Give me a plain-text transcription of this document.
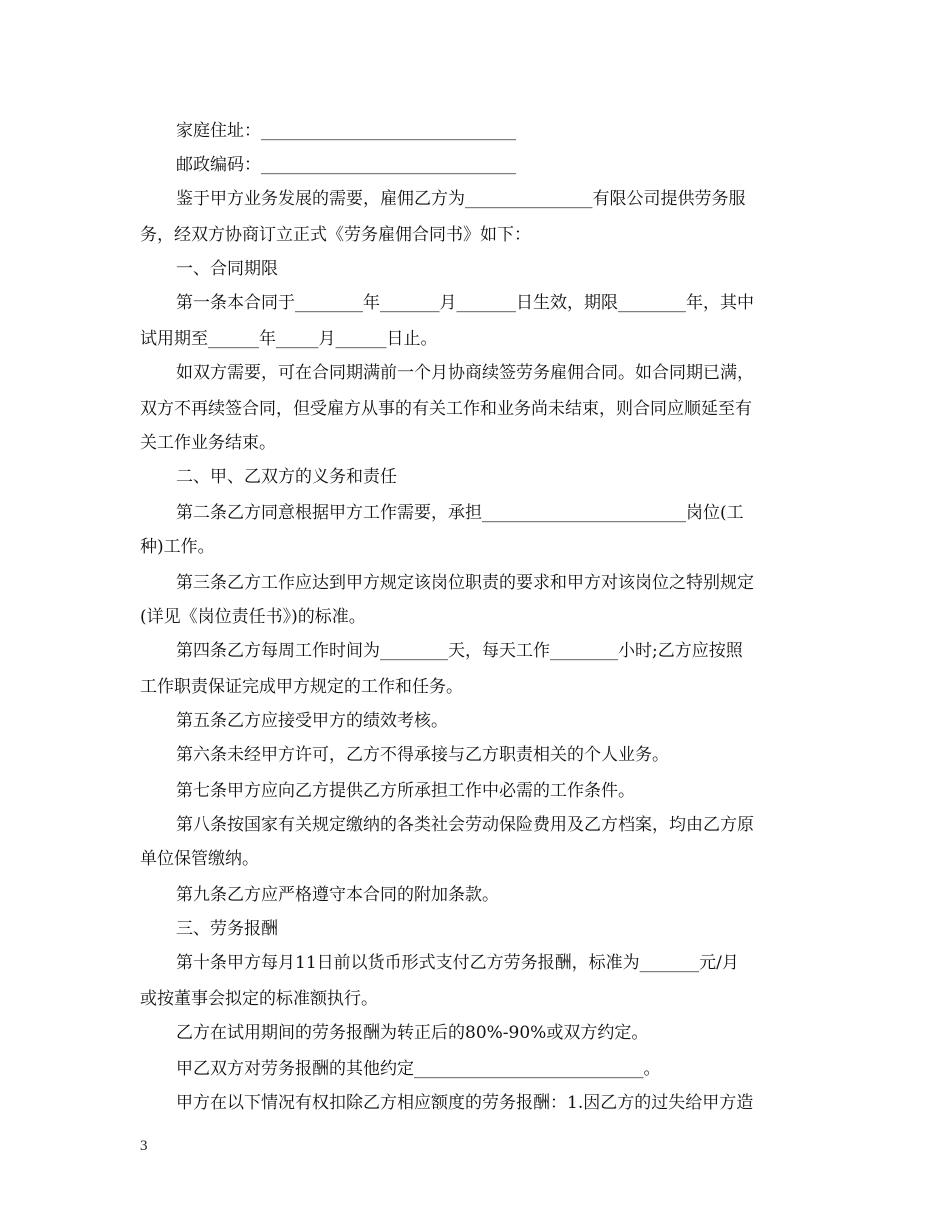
家庭住址：______________________________
邮政编码：______________________________
鉴于甲方业务发展的需要，雇佣乙方为_______________有限公司提供劳务服
务，经双方协商订立正式《劳务雇佣合同书》如下：
一、合同期限
第一条本合同于________年_______月_______日生效，期限________年，其中
试用期至______年_____月______日止。
如双方需要，可在合同期满前一个月协商续签劳务雇佣合同。如合同期已满，
双方不再续签合同，但受雇方从事的有关工作和业务尚未结束，则合同应顺延至有
关工作业务结束。
二、甲、乙双方的义务和责任
第二条乙方同意根据甲方工作需要，承担________________________岗位(工
种)工作。
第三条乙方工作应达到甲方规定该岗位职责的要求和甲方对该岗位之特别规定
(详见《岗位责任书》)的标准。
第四条乙方每周工作时间为________天，每天工作________小时;乙方应按照
工作职责保证完成甲方规定的工作和任务。
第五条乙方应接受甲方的绩效考核。
第六条未经甲方许可，乙方不得承接与乙方职责相关的个人业务。
第七条甲方应向乙方提供乙方所承担工作中必需的工作条件。
第八条按国家有关规定缴纳的各类社会劳动保险费用及乙方档案，均由乙方原
单位保管缴纳。
第九条乙方应严格遵守本合同的附加条款。
三、劳务报酬
第十条甲方每月11日前以货币形式支付乙方劳务报酬，标准为_______元/月
或按董事会拟定的标准额执行。
乙方在试用期间的劳务报酬为转正后的80%-90%或双方约定。
甲乙双方对劳务报酬的其他约定___________________________。
甲方在以下情况有权扣除乙方相应额度的劳务报酬：1.因乙方的过失给甲方造
3
